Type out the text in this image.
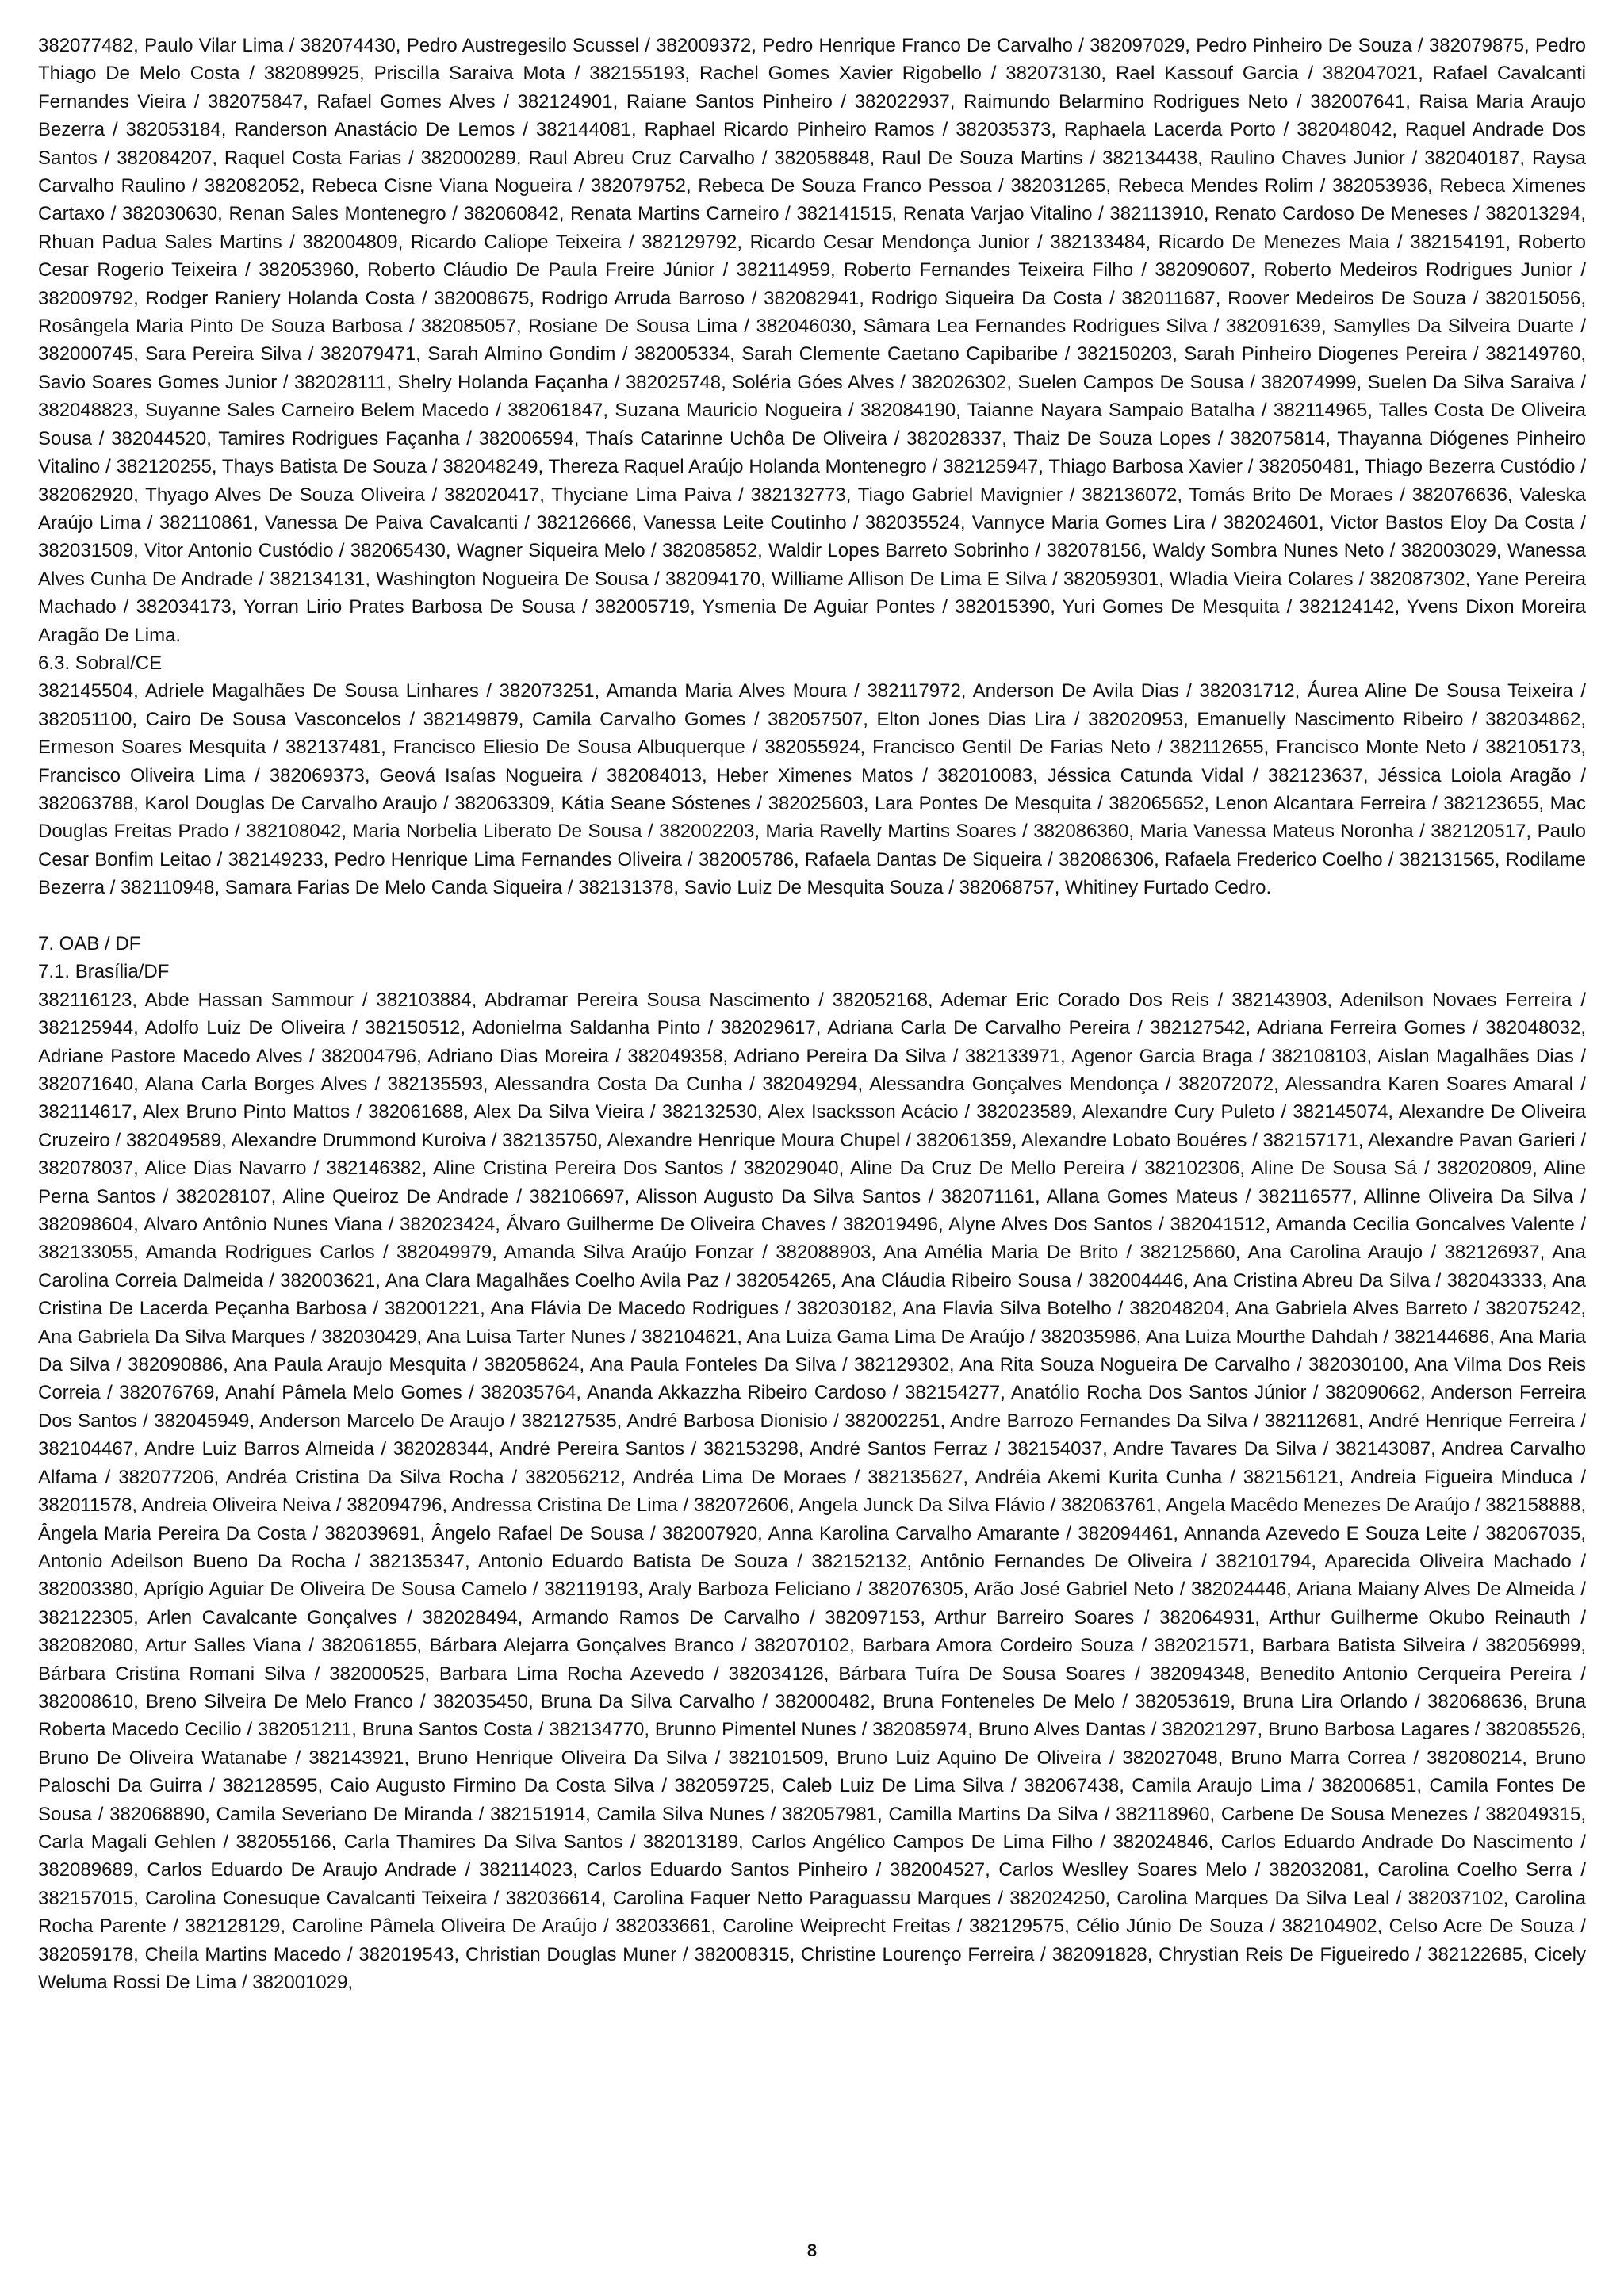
382077482, Paulo Vilar Lima / 382074430, Pedro Austregesilo Scussel / 382009372, Pedro Henrique Franco De Carvalho / 382097029, Pedro Pinheiro De Souza / 382079875, Pedro Thiago De Melo Costa / 382089925, Priscilla Saraiva Mota / 382155193, Rachel Gomes Xavier Rigobello / 382073130, Rael Kassouf Garcia / 382047021, Rafael Cavalcanti Fernandes Vieira / 382075847, Rafael Gomes Alves / 382124901, Raiane Santos Pinheiro / 382022937, Raimundo Belarmino Rodrigues Neto / 382007641, Raisa Maria Araujo Bezerra / 382053184, Randerson Anastácio De Lemos / 382144081, Raphael Ricardo Pinheiro Ramos / 382035373, Raphaela Lacerda Porto / 382048042, Raquel Andrade Dos Santos / 382084207, Raquel Costa Farias / 382000289, Raul Abreu Cruz Carvalho / 382058848, Raul De Souza Martins / 382134438, Raulino Chaves Junior / 382040187, Raysa Carvalho Raulino / 382082052, Rebeca Cisne Viana Nogueira / 382079752, Rebeca De Souza Franco Pessoa / 382031265, Rebeca Mendes Rolim / 382053936, Rebeca Ximenes Cartaxo / 382030630, Renan Sales Montenegro / 382060842, Renata Martins Carneiro / 382141515, Renata Varjao Vitalino / 382113910, Renato Cardoso De Meneses / 382013294, Rhuan Padua Sales Martins / 382004809, Ricardo Caliope Teixeira / 382129792, Ricardo Cesar Mendonça Junior / 382133484, Ricardo De Menezes Maia / 382154191, Roberto Cesar Rogerio Teixeira / 382053960, Roberto Cláudio De Paula Freire Júnior / 382114959, Roberto Fernandes Teixeira Filho / 382090607, Roberto Medeiros Rodrigues Junior / 382009792, Rodger Raniery Holanda Costa / 382008675, Rodrigo Arruda Barroso / 382082941, Rodrigo Siqueira Da Costa / 382011687, Roover Medeiros De Souza / 382015056, Rosângela Maria Pinto De Souza Barbosa / 382085057, Rosiane De Sousa Lima / 382046030, Sâmara Lea Fernandes Rodrigues Silva / 382091639, Samylles Da Silveira Duarte / 382000745, Sara Pereira Silva / 382079471, Sarah Almino Gondim / 382005334, Sarah Clemente Caetano Capibaribe / 382150203, Sarah Pinheiro Diogenes Pereira / 382149760, Savio Soares Gomes Junior / 382028111, Shelry Holanda Façanha / 382025748, Soléria Góes Alves / 382026302, Suelen Campos De Sousa / 382074999, Suelen Da Silva Saraiva / 382048823, Suyanne Sales Carneiro Belem Macedo / 382061847, Suzana Mauricio Nogueira / 382084190, Taianne Nayara Sampaio Batalha / 382114965, Talles Costa De Oliveira Sousa / 382044520, Tamires Rodrigues Façanha / 382006594, Thaís Catarinne Uchôa De Oliveira / 382028337, Thaiz De Souza Lopes / 382075814, Thayanna Diógenes Pinheiro Vitalino / 382120255, Thays Batista De Souza / 382048249, Thereza Raquel Araújo Holanda Montenegro / 382125947, Thiago Barbosa Xavier / 382050481, Thiago Bezerra Custódio / 382062920, Thyago Alves De Souza Oliveira / 382020417, Thyciane Lima Paiva / 382132773, Tiago Gabriel Mavignier / 382136072, Tomás Brito De Moraes / 382076636, Valeska Araújo Lima / 382110861, Vanessa De Paiva Cavalcanti / 382126666, Vanessa Leite Coutinho / 382035524, Vannyce Maria Gomes Lira / 382024601, Victor Bastos Eloy Da Costa / 382031509, Vitor Antonio Custódio / 382065430, Wagner Siqueira Melo / 382085852, Waldir Lopes Barreto Sobrinho / 382078156, Waldy Sombra Nunes Neto / 382003029, Wanessa Alves Cunha De Andrade / 382134131, Washington Nogueira De Sousa / 382094170, Williame Allison De Lima E Silva / 382059301, Wladia Vieira Colares / 382087302, Yane Pereira Machado / 382034173, Yorran Lirio Prates Barbosa De Sousa / 382005719, Ysmenia De Aguiar Pontes / 382015390, Yuri Gomes De Mesquita / 382124142, Yvens Dixon Moreira Aragão De Lima.

6.3. Sobral/CE

382145504, Adriele Magalhães De Sousa Linhares / 382073251, Amanda Maria Alves Moura / 382117972, Anderson De Avila Dias / 382031712, Áurea Aline De Sousa Teixeira / 382051100, Cairo De Sousa Vasconcelos / 382149879, Camila Carvalho Gomes / 382057507, Elton Jones Dias Lira / 382020953, Emanuelly Nascimento Ribeiro / 382034862, Ermeson Soares Mesquita / 382137481, Francisco Eliesio De Sousa Albuquerque / 382055924, Francisco Gentil De Farias Neto / 382112655, Francisco Monte Neto / 382105173, Francisco Oliveira Lima / 382069373, Geová Isaías Nogueira / 382084013, Heber Ximenes Matos / 382010083, Jéssica Catunda Vidal / 382123637, Jéssica Loiola Aragão / 382063788, Karol Douglas De Carvalho Araujo / 382063309, Kátia Seane Sóstenes / 382025603, Lara Pontes De Mesquita / 382065652, Lenon Alcantara Ferreira / 382123655, Mac Douglas Freitas Prado / 382108042, Maria Norbelia Liberato De Sousa / 382002203, Maria Ravelly Martins Soares / 382086360, Maria Vanessa Mateus Noronha / 382120517, Paulo Cesar Bonfim Leitao / 382149233, Pedro Henrique Lima Fernandes Oliveira / 382005786, Rafaela Dantas De Siqueira / 382086306, Rafaela Frederico Coelho / 382131565, Rodilame Bezerra / 382110948, Samara Farias De Melo Canda Siqueira / 382131378, Savio Luiz De Mesquita Souza / 382068757, Whitiney Furtado Cedro.

7. OAB / DF

7.1. Brasília/DF

382116123, Abde Hassan Sammour / 382103884, Abdramar Pereira Sousa Nascimento / 382052168, Ademar Eric Corado Dos Reis / 382143903, Adenilson Novaes Ferreira / 382125944, Adolfo Luiz De Oliveira / 382150512, Adonielma Saldanha Pinto / 382029617, Adriana Carla De Carvalho Pereira / 382127542, Adriana Ferreira Gomes / 382048032, Adriane Pastore Macedo Alves / 382004796, Adriano Dias Moreira / 382049358, Adriano Pereira Da Silva / 382133971, Agenor Garcia Braga / 382108103, Aislan Magalhães Dias / 382071640, Alana Carla Borges Alves / 382135593, Alessandra Costa Da Cunha / 382049294, Alessandra Gonçalves Mendonça / 382072072, Alessandra Karen Soares Amaral / 382114617, Alex Bruno Pinto Mattos / 382061688, Alex Da Silva Vieira / 382132530, Alex Isacksson Acácio / 382023589, Alexandre Cury Puleto / 382145074, Alexandre De Oliveira Cruzeiro / 382049589, Alexandre Drummond Kuroiva / 382135750, Alexandre Henrique Moura Chupel / 382061359, Alexandre Lobato Bouéres / 382157171, Alexandre Pavan Garieri / 382078037, Alice Dias Navarro / 382146382, Aline Cristina Pereira Dos Santos / 382029040, Aline Da Cruz De Mello Pereira / 382102306, Aline De Sousa Sá / 382020809, Aline Perna Santos / 382028107, Aline Queiroz De Andrade / 382106697, Alisson Augusto Da Silva Santos / 382071161, Allana Gomes Mateus / 382116577, Allinne Oliveira Da Silva / 382098604, Alvaro Antônio Nunes Viana / 382023424, Álvaro Guilherme De Oliveira Chaves / 382019496, Alyne Alves Dos Santos / 382041512, Amanda Cecilia Goncalves Valente / 382133055, Amanda Rodrigues Carlos / 382049979, Amanda Silva Araújo Fonzar / 382088903, Ana Amélia Maria De Brito / 382125660, Ana Carolina Araujo / 382126937, Ana Carolina Correia Dalmeida / 382003621, Ana Clara Magalhães Coelho Avila Paz / 382054265, Ana Cláudia Ribeiro Sousa / 382004446, Ana Cristina Abreu Da Silva / 382043333, Ana Cristina De Lacerda Peçanha Barbosa / 382001221, Ana Flávia De Macedo Rodrigues / 382030182, Ana Flavia Silva Botelho / 382048204, Ana Gabriela Alves Barreto / 382075242, Ana Gabriela Da Silva Marques / 382030429, Ana Luisa Tarter Nunes / 382104621, Ana Luiza Gama Lima De Araújo / 382035986, Ana Luiza Mourthe Dahdah / 382144686, Ana Maria Da Silva / 382090886, Ana Paula Araujo Mesquita / 382058624, Ana Paula Fonteles Da Silva / 382129302, Ana Rita Souza Nogueira De Carvalho / 382030100, Ana Vilma Dos Reis Correia / 382076769, Anahí Pâmela Melo Gomes / 382035764, Ananda Akkazzha Ribeiro Cardoso / 382154277, Anatólio Rocha Dos Santos Júnior / 382090662, Anderson Ferreira Dos Santos / 382045949, Anderson Marcelo De Araujo / 382127535, André Barbosa Dionisio / 382002251, Andre Barrozo Fernandes Da Silva / 382112681, André Henrique Ferreira / 382104467, Andre Luiz Barros Almeida / 382028344, André Pereira Santos / 382153298, André Santos Ferraz / 382154037, Andre Tavares Da Silva / 382143087, Andrea Carvalho Alfama / 382077206, Andréa Cristina Da Silva Rocha / 382056212, Andréa Lima De Moraes / 382135627, Andréia Akemi Kurita Cunha / 382156121, Andreia Figueira Minduca / 382011578, Andreia Oliveira Neiva / 382094796, Andressa Cristina De Lima / 382072606, Angela Junck Da Silva Flávio / 382063761, Angela Macêdo Menezes De Araújo / 382158888, Ângela Maria Pereira Da Costa / 382039691, Ângelo Rafael De Sousa / 382007920, Anna Karolina Carvalho Amarante / 382094461, Annanda Azevedo E Souza Leite / 382067035, Antonio Adeilson Bueno Da Rocha / 382135347, Antonio Eduardo Batista De Souza / 382152132, Antônio Fernandes De Oliveira / 382101794, Aparecida Oliveira Machado / 382003380, Aprígio Aguiar De Oliveira De Sousa Camelo / 382119193, Araly Barboza Feliciano / 382076305, Arão José Gabriel Neto / 382024446, Ariana Maiany Alves De Almeida / 382122305, Arlen Cavalcante Gonçalves / 382028494, Armando Ramos De Carvalho / 382097153, Arthur Barreiro Soares / 382064931, Arthur Guilherme Okubo Reinauth / 382082080, Artur Salles Viana / 382061855, Bárbara Alejarra Gonçalves Branco / 382070102, Barbara Amora Cordeiro Souza / 382021571, Barbara Batista Silveira / 382056999, Bárbara Cristina Romani Silva / 382000525, Barbara Lima Rocha Azevedo / 382034126, Bárbara Tuíra De Sousa Soares / 382094348, Benedito Antonio Cerqueira Pereira / 382008610, Breno Silveira De Melo Franco / 382035450, Bruna Da Silva Carvalho / 382000482, Bruna Fonteneles De Melo / 382053619, Bruna Lira Orlando / 382068636, Bruna Roberta Macedo Cecilio / 382051211, Bruna Santos Costa / 382134770, Brunno Pimentel Nunes / 382085974, Bruno Alves Dantas / 382021297, Bruno Barbosa Lagares / 382085526, Bruno De Oliveira Watanabe / 382143921, Bruno Henrique Oliveira Da Silva / 382101509, Bruno Luiz Aquino De Oliveira / 382027048, Bruno Marra Correa / 382080214, Bruno Paloschi Da Guirra / 382128595, Caio Augusto Firmino Da Costa Silva / 382059725, Caleb Luiz De Lima Silva / 382067438, Camila Araujo Lima / 382006851, Camila Fontes De Sousa / 382068890, Camila Severiano De Miranda / 382151914, Camila Silva Nunes / 382057981, Camilla Martins Da Silva / 382118960, Carbene De Sousa Menezes / 382049315, Carla Magali Gehlen / 382055166, Carla Thamires Da Silva Santos / 382013189, Carlos Angélico Campos De Lima Filho / 382024846, Carlos Eduardo Andrade Do Nascimento / 382089689, Carlos Eduardo De Araujo Andrade / 382114023, Carlos Eduardo Santos Pinheiro / 382004527, Carlos Weslley Soares Melo / 382032081, Carolina Coelho Serra / 382157015, Carolina Conesuque Cavalcanti Teixeira / 382036614, Carolina Faquer Netto Paraguassu Marques / 382024250, Carolina Marques Da Silva Leal / 382037102, Carolina Rocha Parente / 382128129, Caroline Pâmela Oliveira De Araújo / 382033661, Caroline Weiprecht Freitas / 382129575, Célio Júnio De Souza / 382104902, Celso Acre De Souza / 382059178, Cheila Martins Macedo / 382019543, Christian Douglas Muner / 382008315, Christine Lourenço Ferreira / 382091828, Chrystian Reis De Figueiredo / 382122685, Cicely Weluma Rossi De Lima / 382001029,

8
